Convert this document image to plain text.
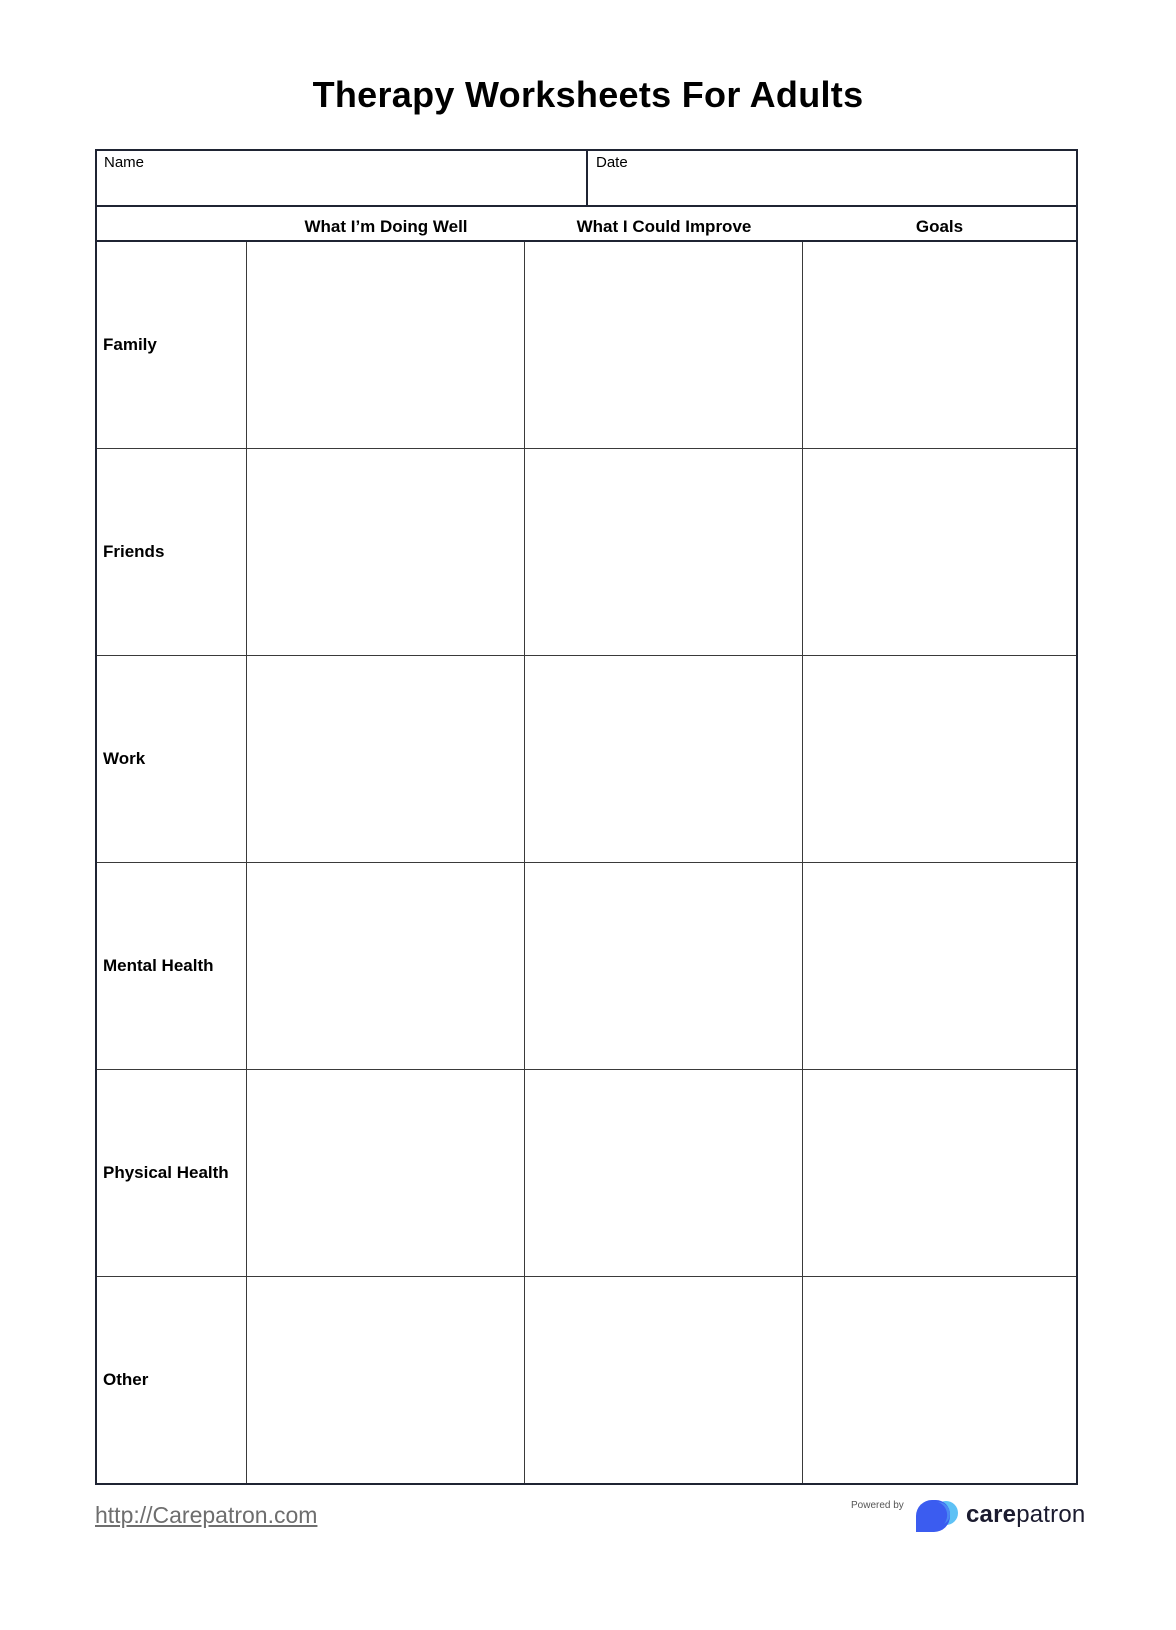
Therapy Worksheets For Adults
Name	Date
What I’m Doing Well	What I Could Improve	Goals
Family
Friends
Work
Mental Health
Physical Health
Other
http://Carepatron.com	Powered by	carepatron
